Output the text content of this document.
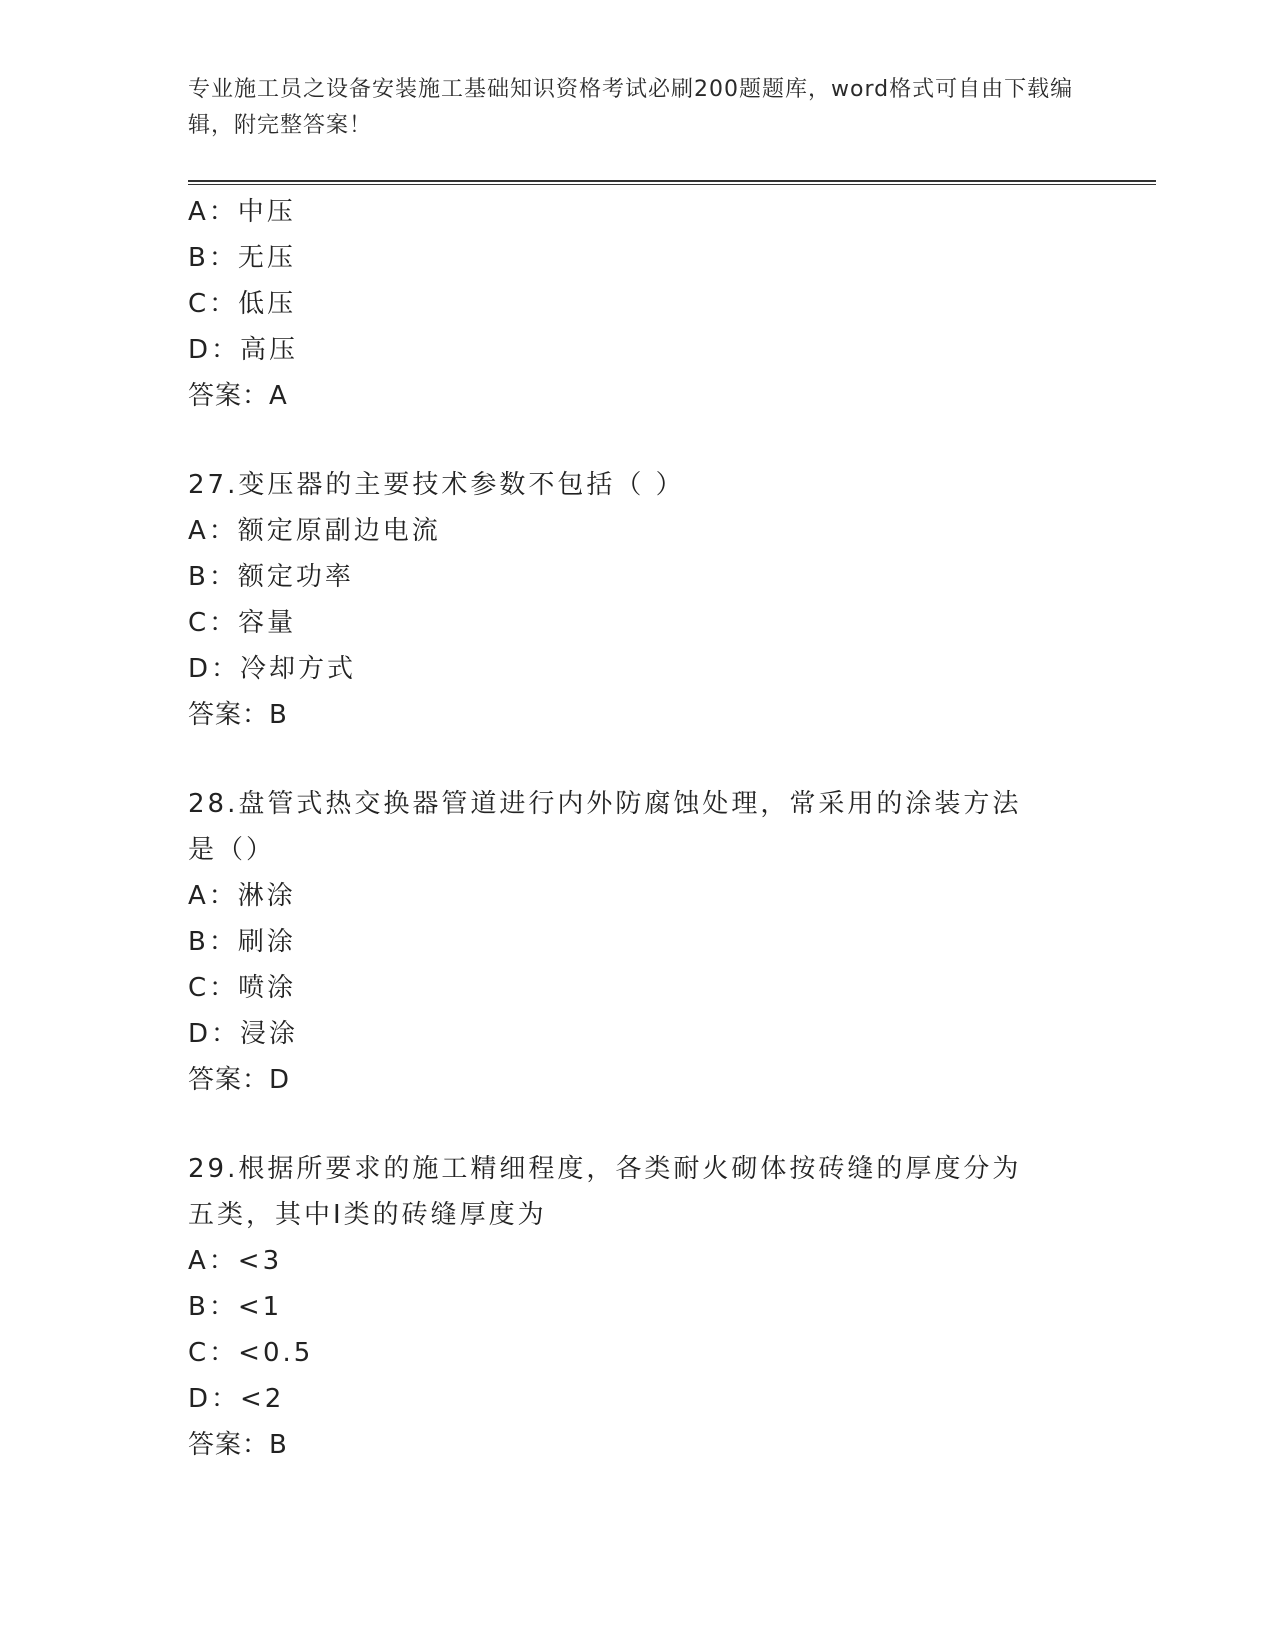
专业施工员之设备安装施工基础知识资格考试必刷200题题库，word格式可自由下载编辑，附完整答案！
A：中压
B：无压
C：低压
D：高压
答案：A
27.变压器的主要技术参数不包括（ ）
A：额定原副边电流
B：额定功率
C：容量
D：冷却方式
答案：B
28.盘管式热交换器管道进行内外防腐蚀处理，常采用的涂装方法是（）
A：淋涂
B：刷涂
C：喷涂
D：浸涂
答案：D
29.根据所要求的施工精细程度，各类耐火砌体按砖缝的厚度分为五类，其中Ⅰ类的砖缝厚度为
A：<3
B：<1
C：<0.5
D：<2
答案：B
